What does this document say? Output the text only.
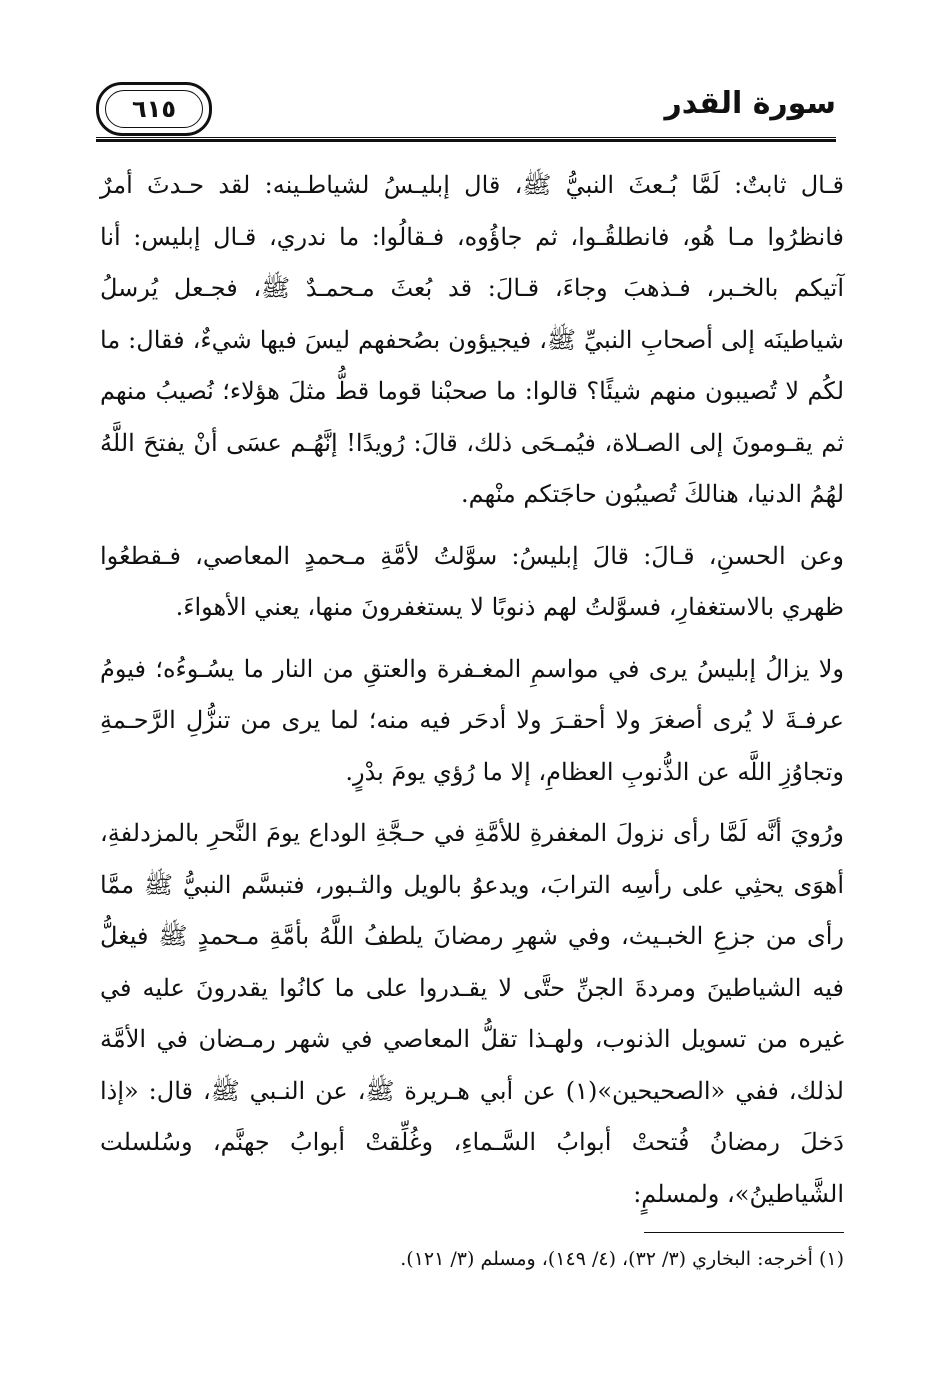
سورة القدر
٦١٥

قـال ثابتٌ: لَمَّا بُـعثَ النبيُّ ﷺ، قال إبليـسُ لشياطـينه: لقد حـدثَ أمرٌ فانظرُوا مـا هُو، فانطلقُـوا، ثم جاؤُوه، فـقالُوا: ما ندري، قـال إبليس: أنا آتيكم بالخـبر، فـذهبَ وجاءَ، قـالَ: قد بُعثَ مـحمـدٌ ﷺ، فجـعل يُرسلُ شياطينَه إلى أصحابِ النبيِّ ﷺ، فيجيؤون بصُحفهم ليسَ فيها شيءٌ، فقال: ما لكُم لا تُصيبون منهم شيئًا؟ قالوا: ما صحبْنا قوما قطُّ مثلَ هؤلاء؛ نُصيبُ منهم ثم يقـومونَ إلى الصـلاة، فيُمـحَى ذلك، قالَ: رُويدًا! إنَّهُـم عسَى أنْ يفتحَ اللَّهُ لهُمُ الدنيا، هنالكَ تُصيبُون حاجَتكم منْهم.

وعن الحسنِ، قـالَ: قالَ إبليسُ: سوَّلتُ لأمَّةِ مـحمدٍ المعاصي، فـقطعُوا ظهري بالاستغفارِ، فسوَّلتُ لهم ذنوبًا لا يستغفرونَ منها، يعني الأهواءَ.

ولا يزالُ إبليسُ يرى في مواسمِ المغـفرة والعتقِ من النار ما يسُـوءُه؛ فيومُ عرفـةَ لا يُرى أصغرَ ولا أحقـرَ ولا أدحَر فيه منه؛ لما يرى من تنزُّلِ الرَّحـمةِ وتجاوُزِ اللَّه عن الذُّنوبِ العظامِ، إلا ما رُؤي يومَ بدْرٍ.

ورُويَ أنَّه لَمَّا رأى نزولَ المغفرةِ للأمَّةِ في حـجَّةِ الوداع يومَ النَّحرِ بالمزدلفةِ، أهوَى يحثِي على رأسِه الترابَ، ويدعوُ بالويل والثـبور، فتبسَّم النبيُّ ﷺ ممَّا رأى من جزعِ الخبـيث، وفي شهرِ رمضانَ يلطفُ اللَّهُ بأمَّةِ مـحمدٍ ﷺ فيغلُّ فيه الشياطينَ ومردةَ الجنِّ حتَّى لا يقـدروا على ما كانُوا يقدرونَ عليه في غيره من تسويل الذنوب، ولهـذا تقلُّ المعاصي في شهر رمـضان في الأمَّة لذلك، ففي «الصحيحين»(١) عن أبي هـريرة ﷺ، عن النـبي ﷺ، قال: «إذا دَخلَ رمضانُ فُتحتْ أبوابُ السَّـماءِ، وغُلِّقتْ أبوابُ جهنَّم، وسُلسلت الشَّياطينُ»، ولمسلمٍ:

(١) أخرجه: البخاري (٣/ ٣٢)، (٤/ ١٤٩)، ومسلم (٣/ ١٢١).
